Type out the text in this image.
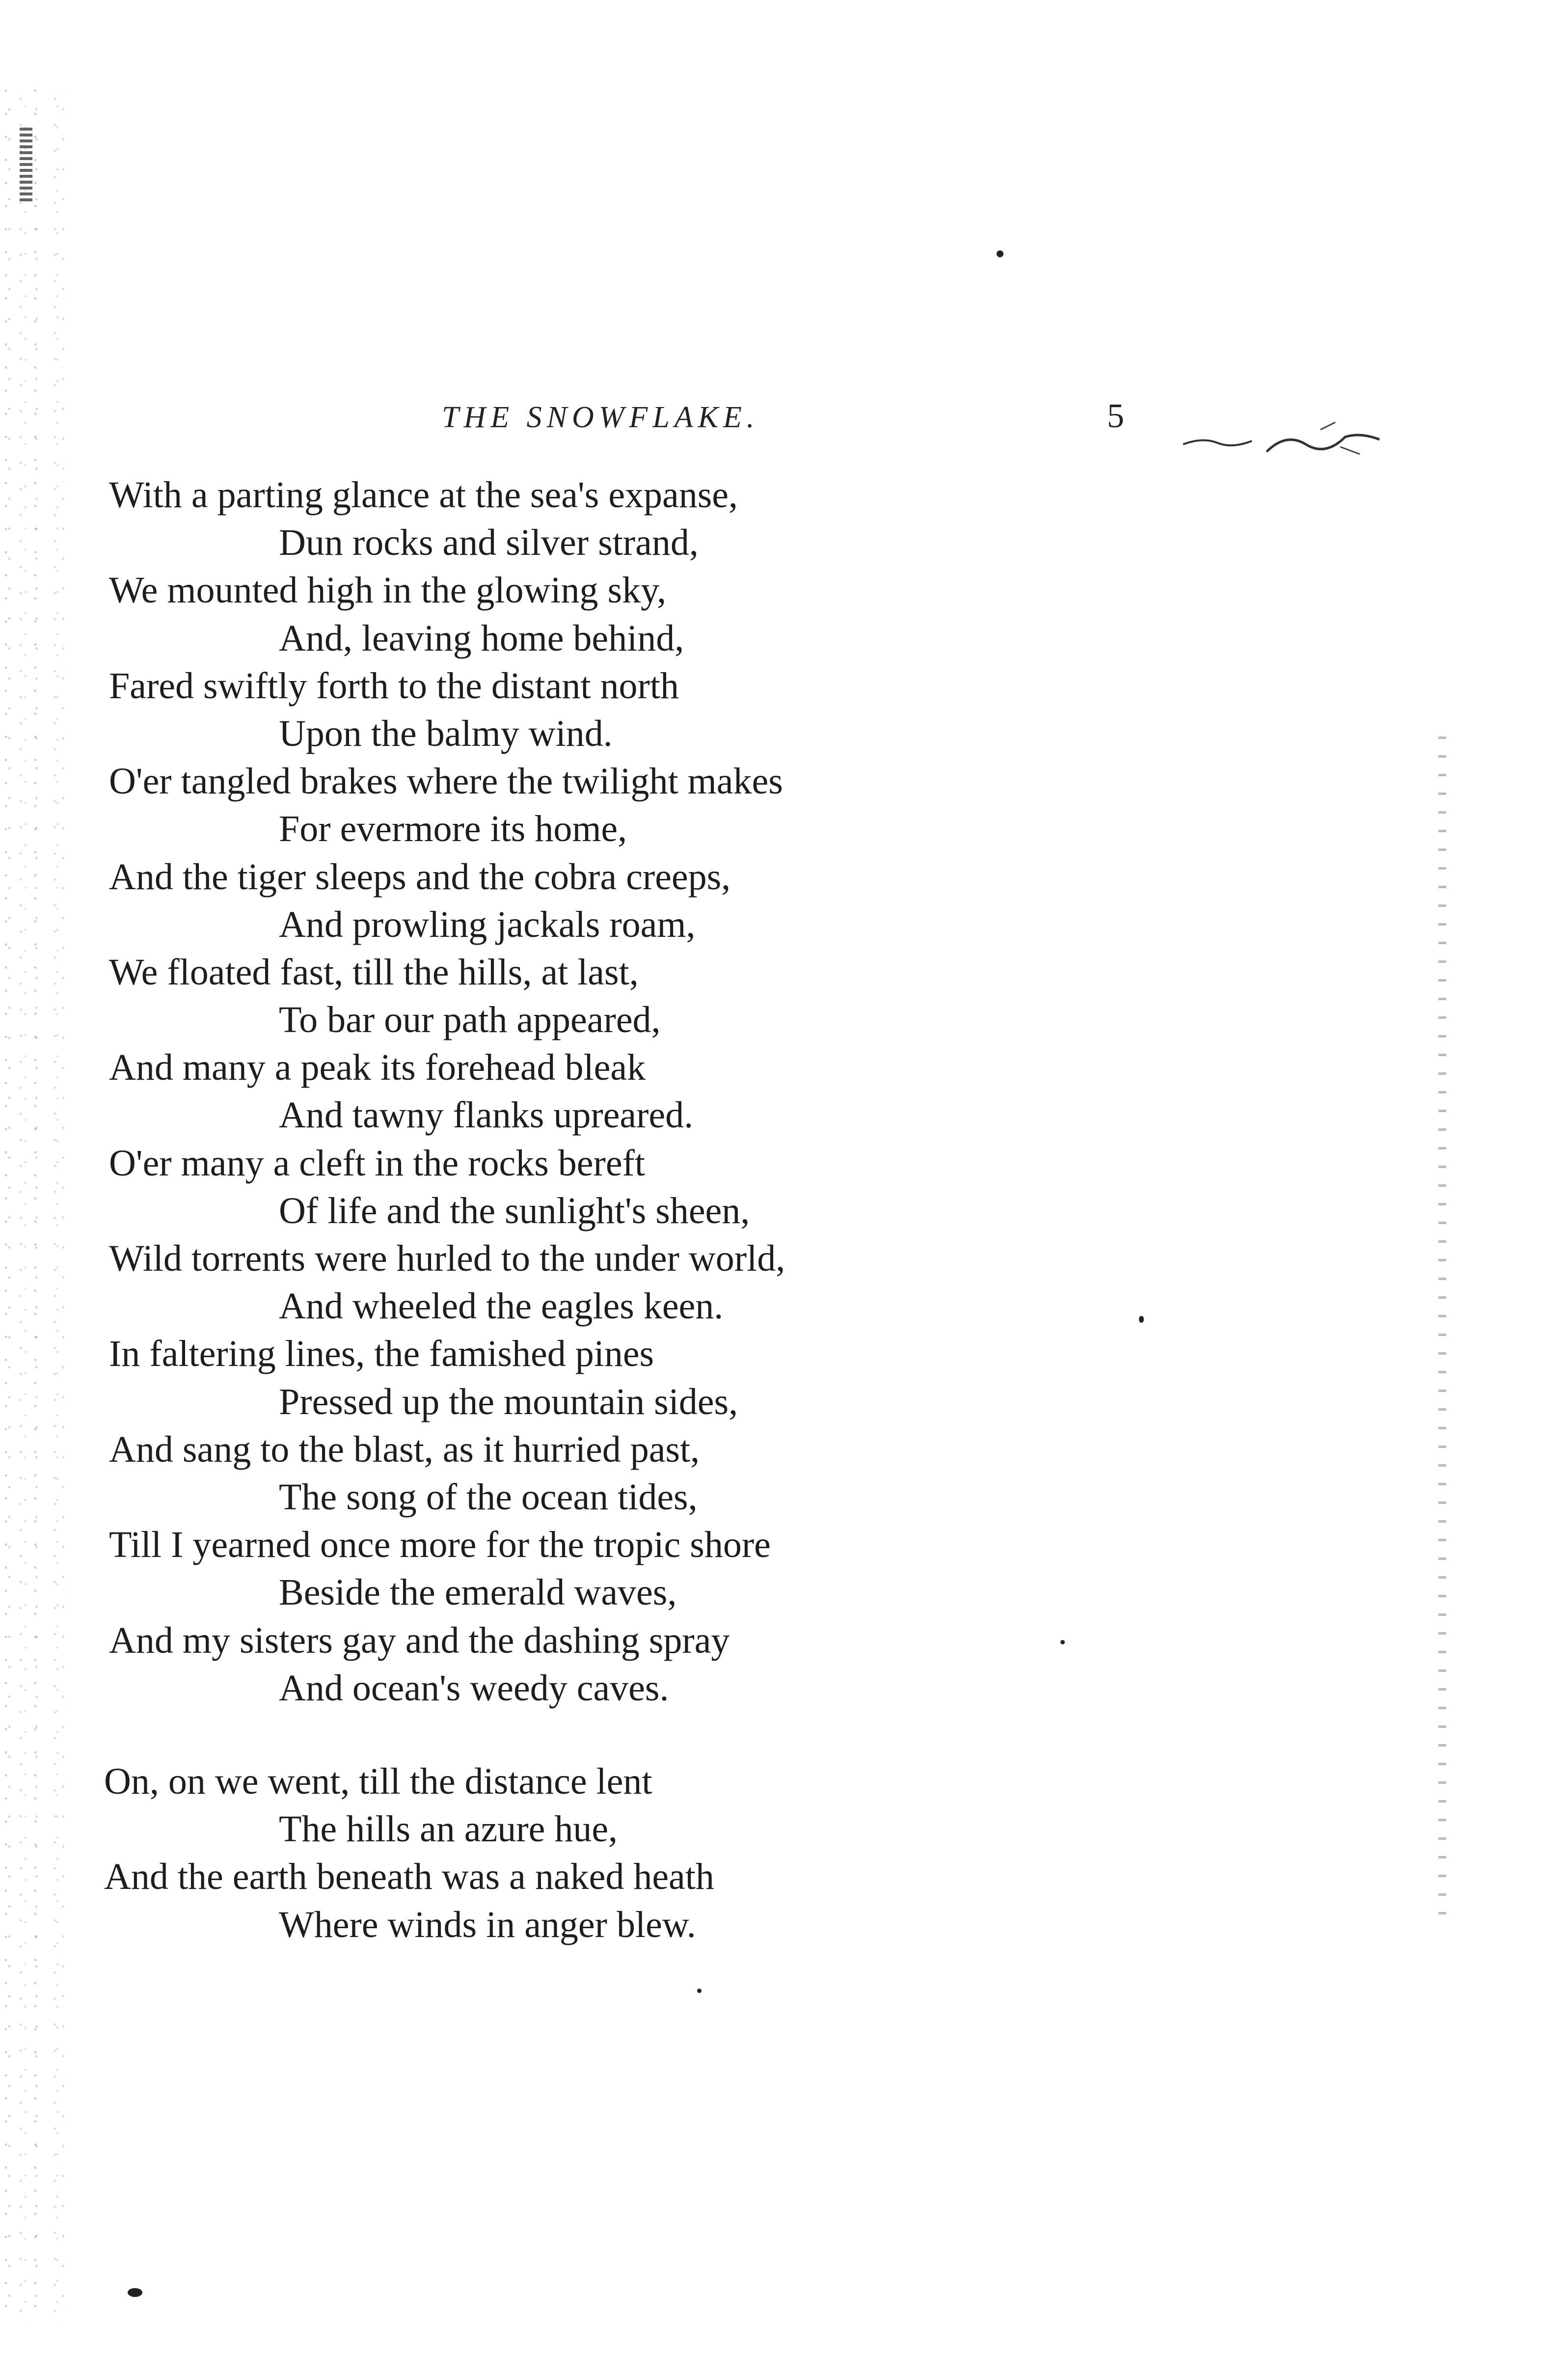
THE SNOWFLAKE.	5
With a parting glance at the sea's expanse,
Dun rocks and silver strand,
We mounted high in the glowing sky,
And, leaving home behind,
Fared swiftly forth to the distant north
Upon the balmy wind.
O'er tangled brakes where the twilight makes
For evermore its home,
And the tiger sleeps and the cobra creeps,
And prowling jackals roam,
We floated fast, till the hills, at last,
To bar our path appeared,
And many a peak its forehead bleak
And tawny flanks upreared.
O'er many a cleft in the rocks bereft
Of life and the sunlight's sheen,
Wild torrents were hurled to the under world,
And wheeled the eagles keen.
In faltering lines, the famished pines
Pressed up the mountain sides,
And sang to the blast, as it hurried past,
The song of the ocean tides,
Till I yearned once more for the tropic shore
Beside the emerald waves,
And my sisters gay and the dashing spray
And ocean's weedy caves.
On, on we went, till the distance lent
The hills an azure hue,
And the earth beneath was a naked heath
Where winds in anger blew.
